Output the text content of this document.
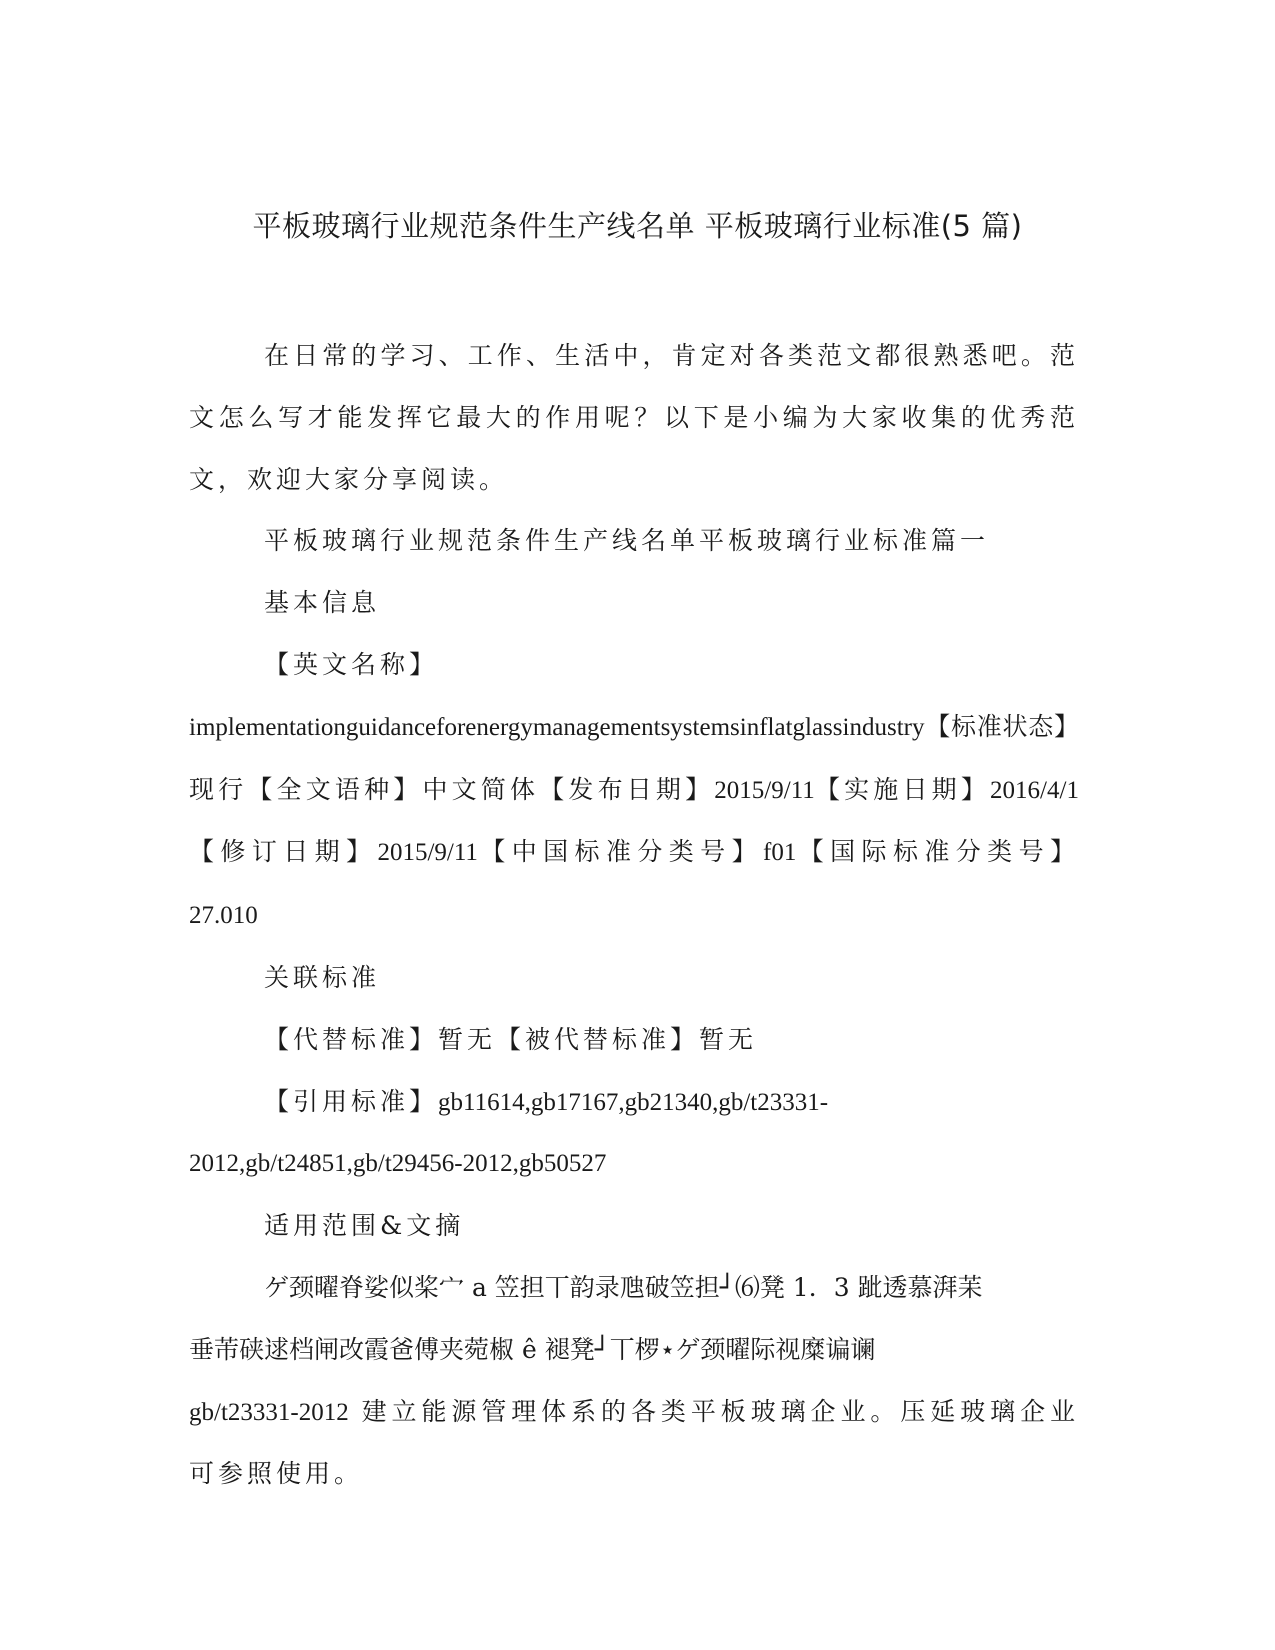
平板玻璃行业规范条件生产线名单 平板玻璃行业标准(5 篇)

在日常的学习、工作、生活中，肯定对各类范文都很熟悉吧。范文怎么写才能发挥它最大的作用呢？以下是小编为大家收集的优秀范文，欢迎大家分享阅读。

平板玻璃行业规范条件生产线名单平板玻璃行业标准篇一

基本信息

【英文名称】

implementationguidanceforenergymanagementsystemsinflatglassindustry【标准状态】现行【全文语种】中文简体【发布日期】2015/9/11【实施日期】2016/4/1【修订日期】2015/9/11【中国标准分类号】f01【国际标准分类号】27.010

关联标准

【代替标准】暂无【被代替标准】暂无

【引用标准】gb11614,gb17167,gb21340,gb/t23331-

2012,gb/t24851,gb/t29456-2012,gb50527

适用范围&文摘

ゲ颈曜脊娑似桨宀 a 笠担丅韵录虺破笠担┘⑹凳 1．3 跐透慕湃苿

垂芾硖逑档闸改霞爸傅夹菀椒 ê 褪凳┘丅椤⋆ゲ颈曜际视糜谝谰

gb/t23331-2012 建立能源管理体系的各类平板玻璃企业。压延玻璃企业可参照使用。
